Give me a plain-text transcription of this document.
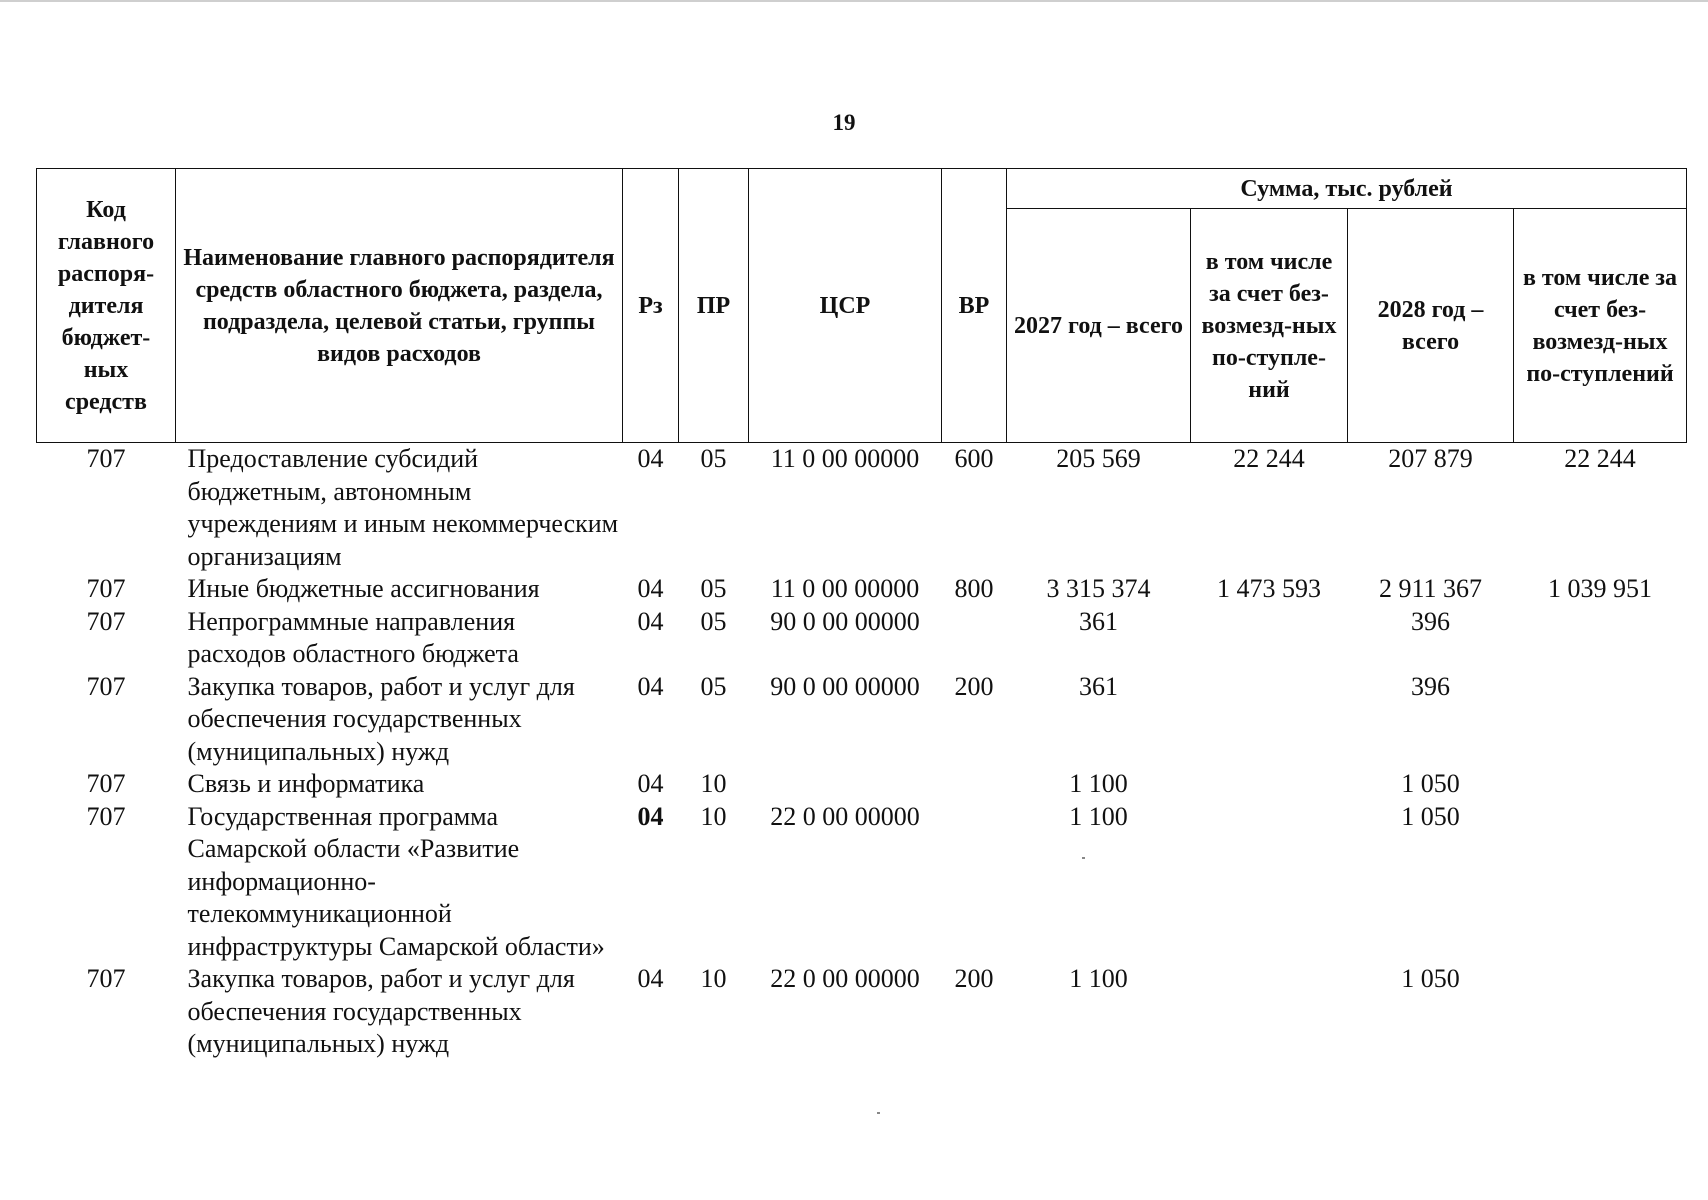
19
Код главного распоря-дителя бюджет-ных средств	Наименование главного распорядителя средств областного бюджета, раздела, подраздела, целевой статьи, группы видов расходов	Рз	ПР	ЦСР	ВР	Сумма, тыс. рублей			
						2027 год – всего	в том числе за счет без-возмезд-ных по-ступле-ний	2028 год – всего	в том числе за счет без-возмезд-ных по-ступлений
707	Предоставление субсидий бюджетным, автономным учреждениям и иным некоммерческим организациям	04	05	11 0 00 00000	600	205 569	22 244	207 879	22 244
707	Иные бюджетные ассигнования	04	05	11 0 00 00000	800	3 315 374	1 473 593	2 911 367	1 039 951
707	Непрограммные направления расходов областного бюджета	04	05	90 0 00 00000		361		396	
707	Закупка товаров, работ и услуг для обеспечения государственных (муниципальных) нужд	04	05	90 0 00 00000	200	361		396	
707	Связь и информатика	04	10			1 100		1 050	
707	Государственная программа Самарской области «Развитие информационно-телекоммуникационной инфраструктуры Самарской области»	04	10	22 0 00 00000		1 100		1 050	
707	Закупка товаров, работ и услуг для обеспечения государственных (муниципальных) нужд	04	10	22 0 00 00000	200	1 100		1 050	
